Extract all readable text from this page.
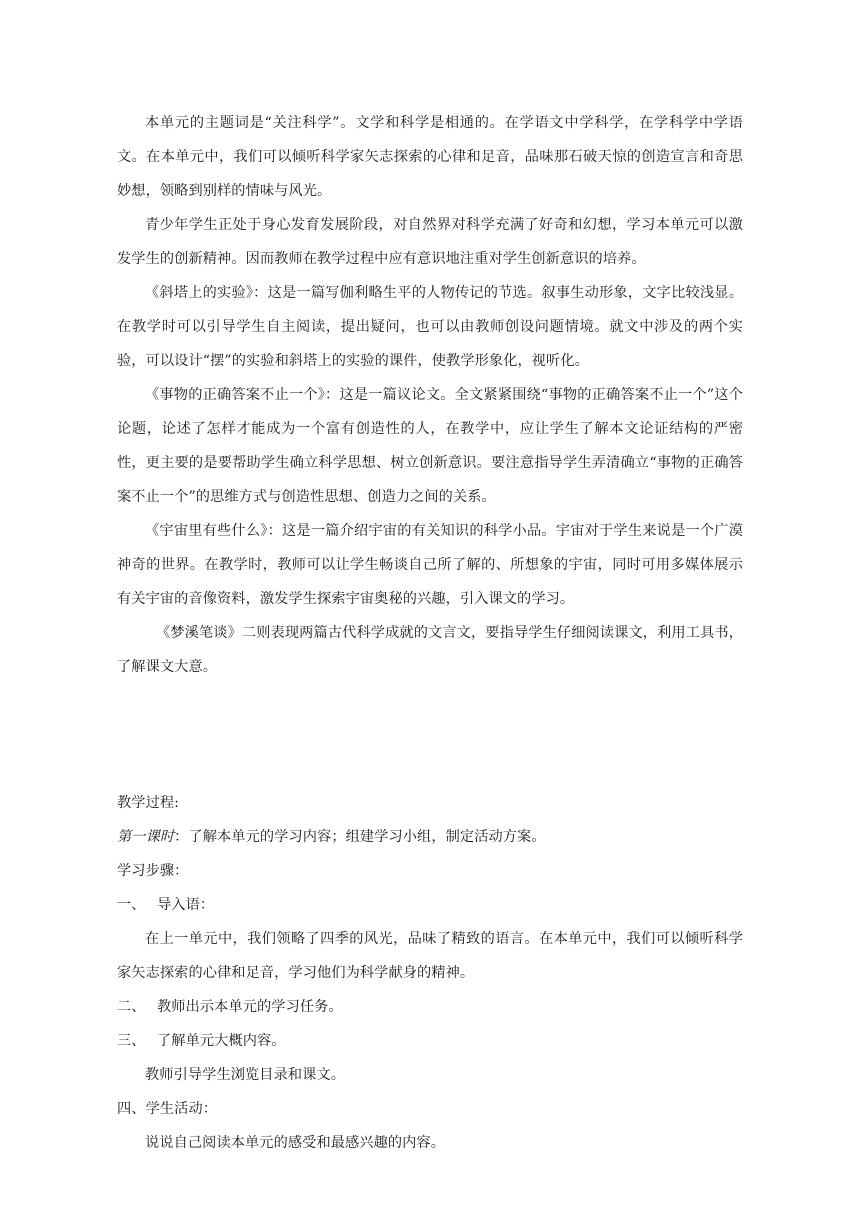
本单元的主题词是“关注科学”。文学和科学是相通的。在学语文中学科学，在学科学中学语文。在本单元中，我们可以倾听科学家矢志探索的心律和足音，品味那石破天惊的创造宣言和奇思妙想，领略到别样的情味与风光。

青少年学生正处于身心发育发展阶段，对自然界对科学充满了好奇和幻想，学习本单元可以激发学生的创新精神。因而教师在教学过程中应有意识地注重对学生创新意识的培养。

《斜塔上的实验》：这是一篇写伽利略生平的人物传记的节选。叙事生动形象，文字比较浅显。在教学时可以引导学生自主阅读，提出疑问，也可以由教师创设问题情境。就文中涉及的两个实验，可以设计“摆”的实验和斜塔上的实验的课件，使教学形象化，视听化。

《事物的正确答案不止一个》：这是一篇议论文。全文紧紧围绕“事物的正确答案不止一个”这个论题，论述了怎样才能成为一个富有创造性的人，在教学中，应让学生了解本文论证结构的严密性，更主要的是要帮助学生确立科学思想、树立创新意识。要注意指导学生弄清确立“事物的正确答案不止一个”的思维方式与创造性思想、创造力之间的关系。

《宇宙里有些什么》：这是一篇介绍宇宙的有关知识的科学小品。宇宙对于学生来说是一个广漠神奇的世界。在教学时，教师可以让学生畅谈自己所了解的、所想象的宇宙，同时可用多媒体展示有关宇宙的音像资料，激发学生探索宇宙奥秘的兴趣，引入课文的学习。

《梦溪笔谈》二则表现两篇古代科学成就的文言文，要指导学生仔细阅读课文，利用工具书，了解课文大意。

教学过程:

第一课时：了解本单元的学习内容；组建学习小组，制定活动方案。

学习步骤：

一、 导入语：

在上一单元中，我们领略了四季的风光，品味了精致的语言。在本单元中，我们可以倾听科学家矢志探索的心律和足音，学习他们为科学献身的精神。

二、 教师出示本单元的学习任务。

三、 了解单元大概内容。

教师引导学生浏览目录和课文。

四、学生活动：

说说自己阅读本单元的感受和最感兴趣的内容。
